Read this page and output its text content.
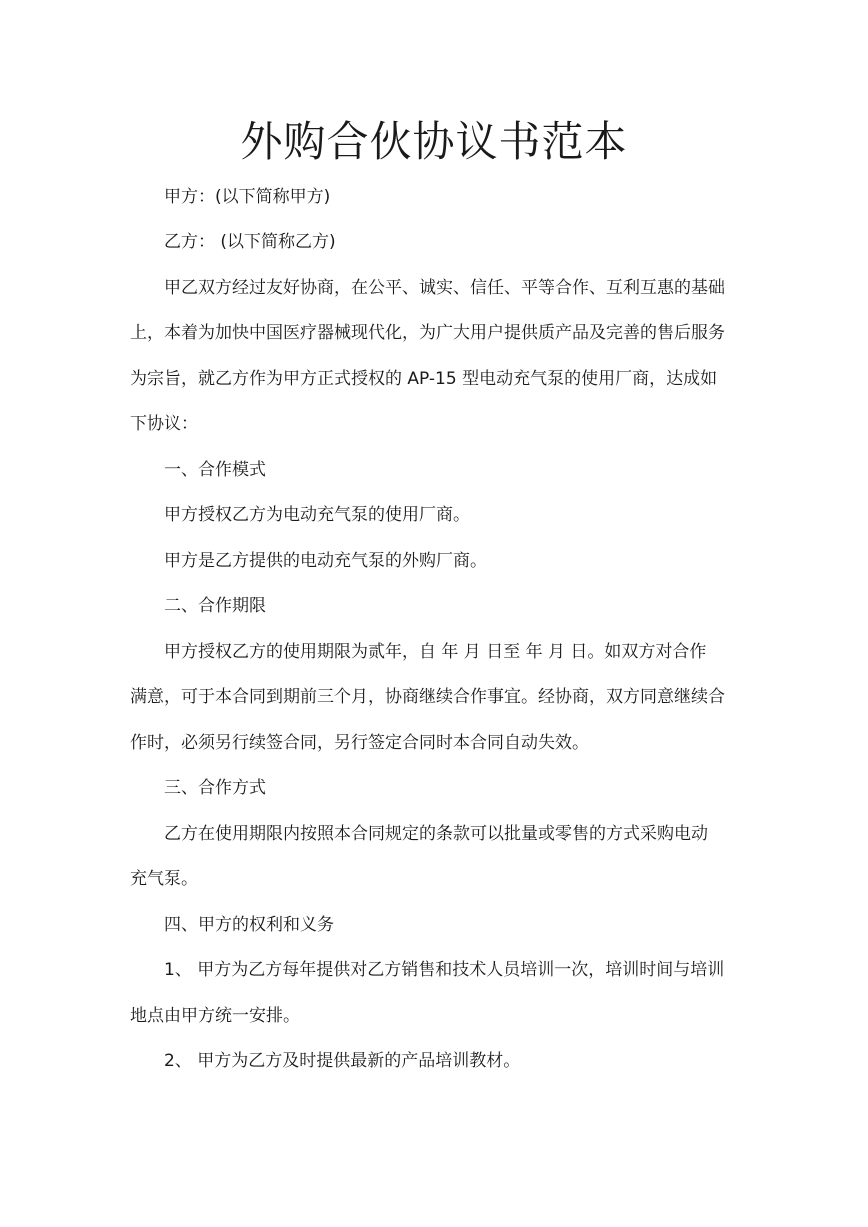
外购合伙协议书范本
甲方：(以下简称甲方)
乙方： (以下简称乙方)
甲乙双方经过友好协商，在公平、诚实、信任、平等合作、互利互惠的基础
上，本着为加快中国医疗器械现代化，为广大用户提供质产品及完善的售后服务
为宗旨，就乙方作为甲方正式授权的 AP-15 型电动充气泵的使用厂商，达成如
下协议：
一、合作模式
甲方授权乙方为电动充气泵的使用厂商。
甲方是乙方提供的电动充气泵的外购厂商。
二、合作期限
甲方授权乙方的使用期限为贰年，自 年 月 日至 年 月 日。如双方对合作
满意，可于本合同到期前三个月，协商继续合作事宜。经协商，双方同意继续合
作时，必须另行续签合同，另行签定合同时本合同自动失效。
三、合作方式
乙方在使用期限内按照本合同规定的条款可以批量或零售的方式采购电动
充气泵。
四、甲方的权利和义务
1、 甲方为乙方每年提供对乙方销售和技术人员培训一次，培训时间与培训
地点由甲方统一安排。
2、 甲方为乙方及时提供最新的产品培训教材。
